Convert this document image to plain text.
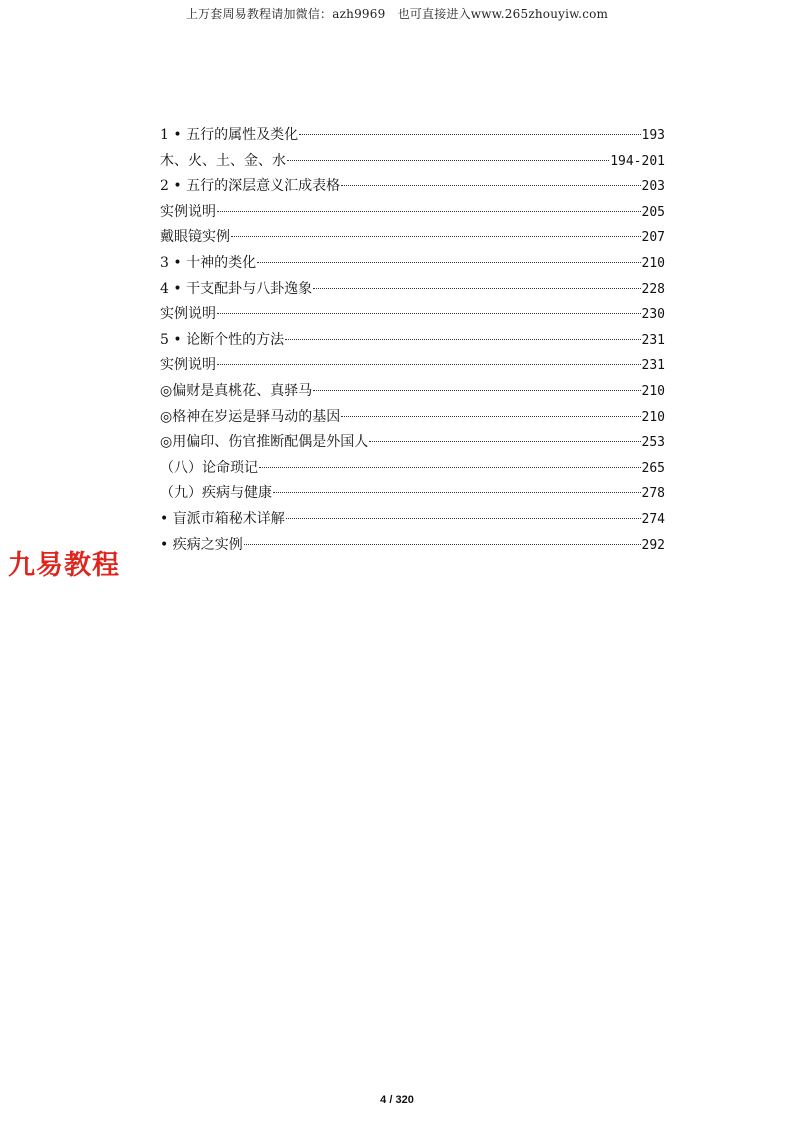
上万套周易教程请加微信：azh9969　也可直接进入www.265zhouyiw.com
1 • 五行的属性及类化	193
木、火、土、金、水	194-201
2 • 五行的深层意义汇成表格	203
实例说明	205
戴眼镜实例	207
3 • 十神的类化	210
4 • 干支配卦与八卦逸象	228
实例说明	230
5 • 论断个性的方法	231
实例说明	231
◎偏财是真桃花、真驿马	210
◎格神在岁运是驿马动的基因	210
◎用偏印、伤官推断配偶是外国人	253
（八）论命琐记	265
（九）疾病与健康	278
• 盲派市箱秘术详解	274
• 疾病之实例	292
九易教程
4 / 320
